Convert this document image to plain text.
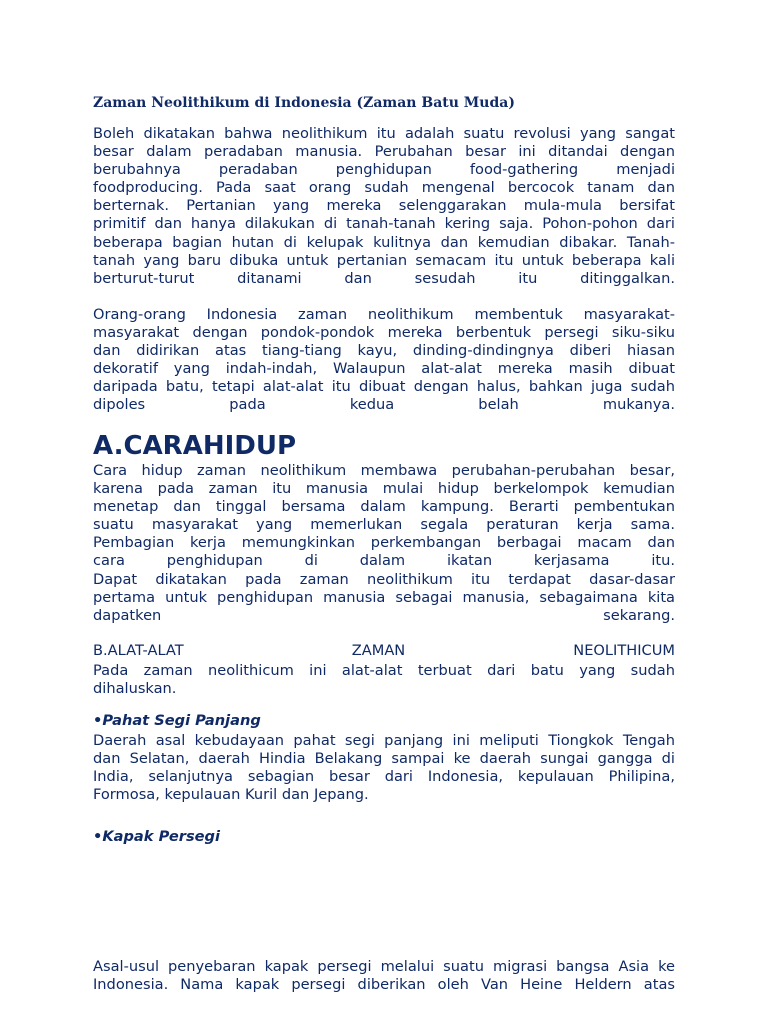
Zaman Neolithikum di Indonesia (Zaman Batu Muda)
Boleh dikatakan bahwa neolithikum itu adalah suatu revolusi yang sangat
besar dalam peradaban manusia. Perubahan besar ini ditandai dengan
berubahnya peradaban penghidupan food-gathering menjadi
foodproducing. Pada saat orang sudah mengenal bercocok tanam dan
berternak. Pertanian yang mereka selenggarakan mula-mula bersifat
primitif dan hanya dilakukan di tanah-tanah kering saja. Pohon-pohon dari
beberapa bagian hutan di kelupak kulitnya dan kemudian dibakar. Tanah-
tanah yang baru dibuka untuk pertanian semacam itu untuk beberapa kali
berturut-turut ditanami dan sesudah itu ditinggalkan.
Orang-orang Indonesia zaman neolithikum membentuk masyarakat-
masyarakat dengan pondok-pondok mereka berbentuk persegi siku-siku
dan didirikan atas tiang-tiang kayu, dinding-dindingnya diberi hiasan
dekoratif yang indah-indah, Walaupun alat-alat mereka masih dibuat
daripada batu, tetapi alat-alat itu dibuat dengan halus, bahkan juga sudah
dipoles pada kedua belah mukanya.
A.CARAHIDUP
Cara hidup zaman neolithikum membawa perubahan-perubahan besar,
karena pada zaman itu manusia mulai hidup berkelompok kemudian
menetap dan tinggal bersama dalam kampung. Berarti pembentukan
suatu masyarakat yang memerlukan segala peraturan kerja sama.
Pembagian kerja memungkinkan perkembangan berbagai macam dan
cara penghidupan di dalam ikatan kerjasama itu.
Dapat dikatakan pada zaman neolithikum itu terdapat dasar-dasar
pertama untuk penghidupan manusia sebagai manusia, sebagaimana kita
dapatken	sekarang.
B.ALAT-ALAT ZAMAN NEOLITHICUM
Pada zaman neolithicum ini alat-alat terbuat dari batu yang sudah
dihaluskan.
•Pahat Segi Panjang
Daerah asal kebudayaan pahat segi panjang ini meliputi Tiongkok Tengah
dan Selatan, daerah Hindia Belakang sampai ke daerah sungai gangga di
India, selanjutnya sebagian besar dari Indonesia, kepulauan Philipina,
Formosa, kepulauan Kuril dan Jepang.
•Kapak Persegi
Asal-usul penyebaran kapak persegi melalui suatu migrasi bangsa Asia ke
Indonesia. Nama kapak persegi diberikan oleh Van Heine Heldern atas
